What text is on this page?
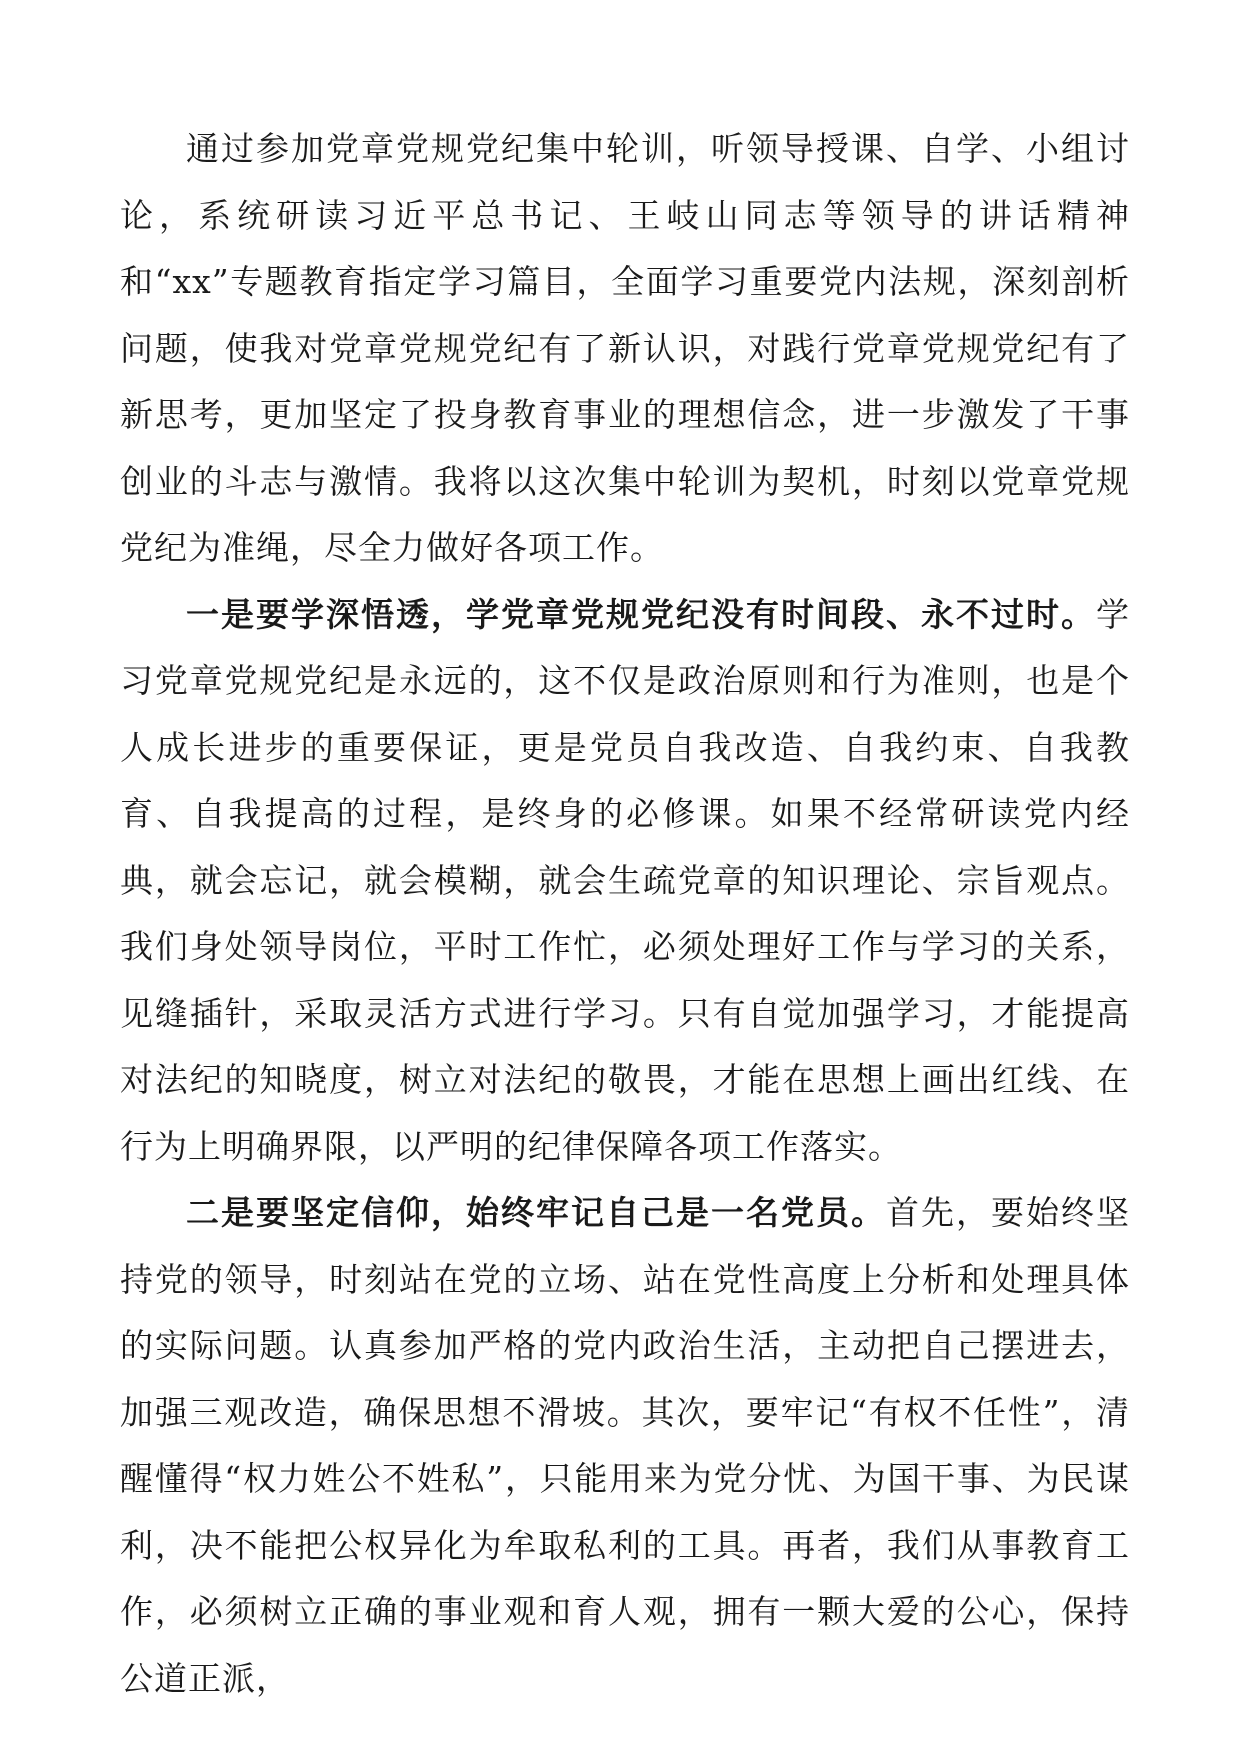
通过参加党章党规党纪集中轮训，听领导授课、自学、小组讨论，系统研读习近平总书记、王岐山同志等领导的讲话精神和“xx”专题教育指定学习篇目，全面学习重要党内法规，深刻剖析问题，使我对党章党规党纪有了新认识，对践行党章党规党纪有了新思考，更加坚定了投身教育事业的理想信念，进一步激发了干事创业的斗志与激情。我将以这次集中轮训为契机，时刻以党章党规党纪为准绳，尽全力做好各项工作。

一是要学深悟透，学党章党规党纪没有时间段、永不过时。学习党章党规党纪是永远的，这不仅是政治原则和行为准则，也是个人成长进步的重要保证，更是党员自我改造、自我约束、自我教育、自我提高的过程，是终身的必修课。如果不经常研读党内经典，就会忘记，就会模糊，就会生疏党章的知识理论、宗旨观点。我们身处领导岗位，平时工作忙，必须处理好工作与学习的关系，见缝插针，采取灵活方式进行学习。只有自觉加强学习，才能提高对法纪的知晓度，树立对法纪的敬畏，才能在思想上画出红线、在行为上明确界限，以严明的纪律保障各项工作落实。

二是要坚定信仰，始终牢记自己是一名党员。首先，要始终坚持党的领导，时刻站在党的立场、站在党性高度上分析和处理具体的实际问题。认真参加严格的党内政治生活，主动把自己摆进去，加强三观改造，确保思想不滑坡。其次，要牢记“有权不任性”，清醒懂得“权力姓公不姓私”，只能用来为党分忧、为国干事、为民谋利，决不能把公权异化为牟取私利的工具。再者，我们从事教育工作，必须树立正确的事业观和育人观，拥有一颗大爱的公心，保持公道正派，
